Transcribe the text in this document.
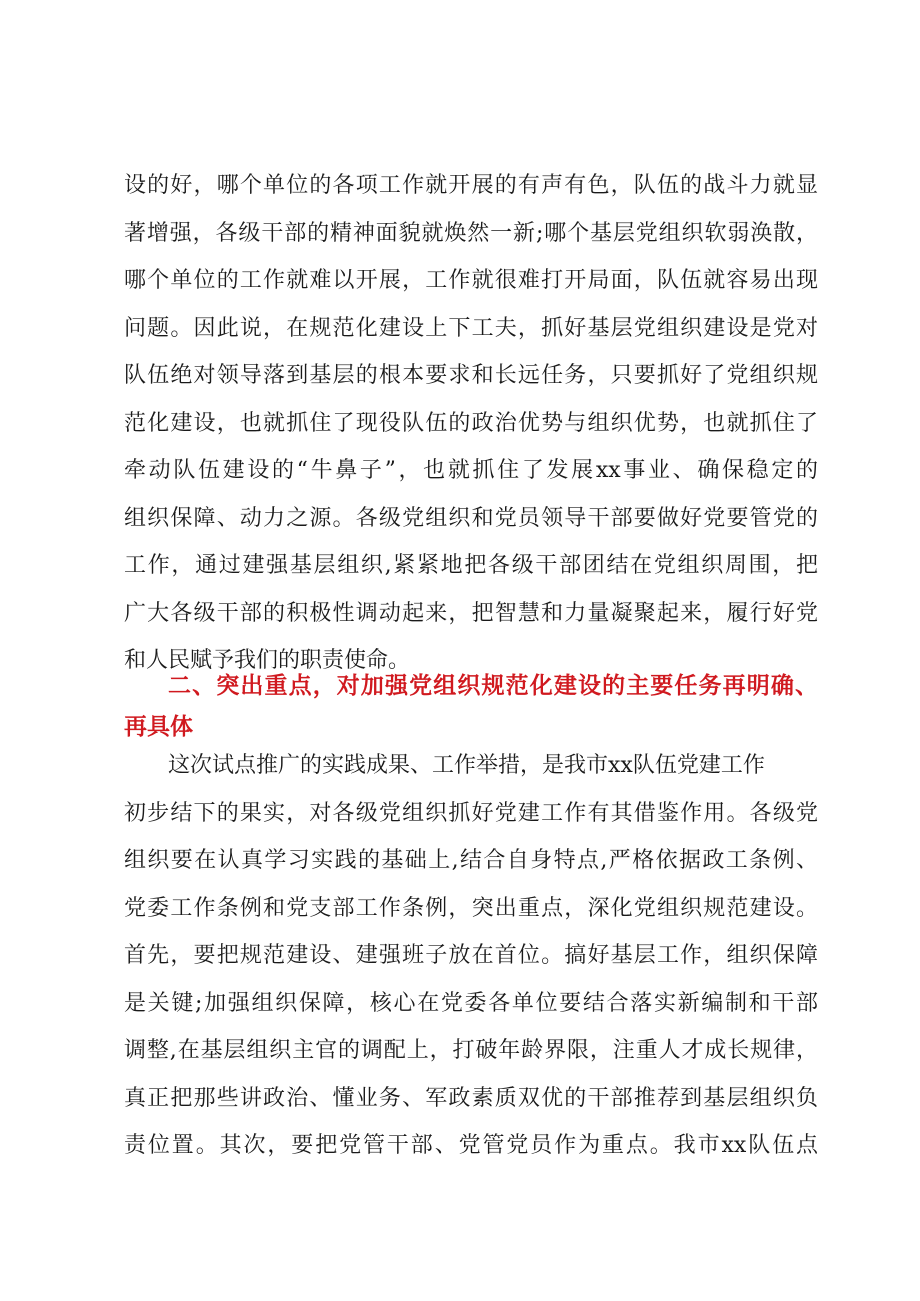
设的好，哪个单位的各项工作就开展的有声有色，队伍的战斗力就显
著增强，各级干部的精神面貌就焕然一新;哪个基层党组织软弱涣散，
哪个单位的工作就难以开展，工作就很难打开局面，队伍就容易出现
问题。因此说，在规范化建设上下工夫，抓好基层党组织建设是党对
队伍绝对领导落到基层的根本要求和长远任务，只要抓好了党组织规
范化建设，也就抓住了现役队伍的政治优势与组织优势，也就抓住了
牵动队伍建设的“牛鼻子”，也就抓住了发展xx事业、确保稳定的
组织保障、动力之源。各级党组织和党员领导干部要做好党要管党的
工作，通过建强基层组织,紧紧地把各级干部团结在党组织周围，把
广大各级干部的积极性调动起来，把智慧和力量凝聚起来，履行好党
和人民赋予我们的职责使命。
二、突出重点，对加强党组织规范化建设的主要任务再明确、
再具体
这次试点推广的实践成果、工作举措，是我市xx队伍党建工作
初步结下的果实，对各级党组织抓好党建工作有其借鉴作用。各级党
组织要在认真学习实践的基础上,结合自身特点,严格依据政工条例、
党委工作条例和党支部工作条例，突出重点，深化党组织规范建设。
首先，要把规范建设、建强班子放在首位。搞好基层工作，组织保障
是关键;加强组织保障，核心在党委各单位要结合落实新编制和干部
调整,在基层组织主官的调配上，打破年龄界限，注重人才成长规律，
真正把那些讲政治、懂业务、军政素质双优的干部推荐到基层组织负
责位置。其次，要把党管干部、党管党员作为重点。我市xx队伍点
